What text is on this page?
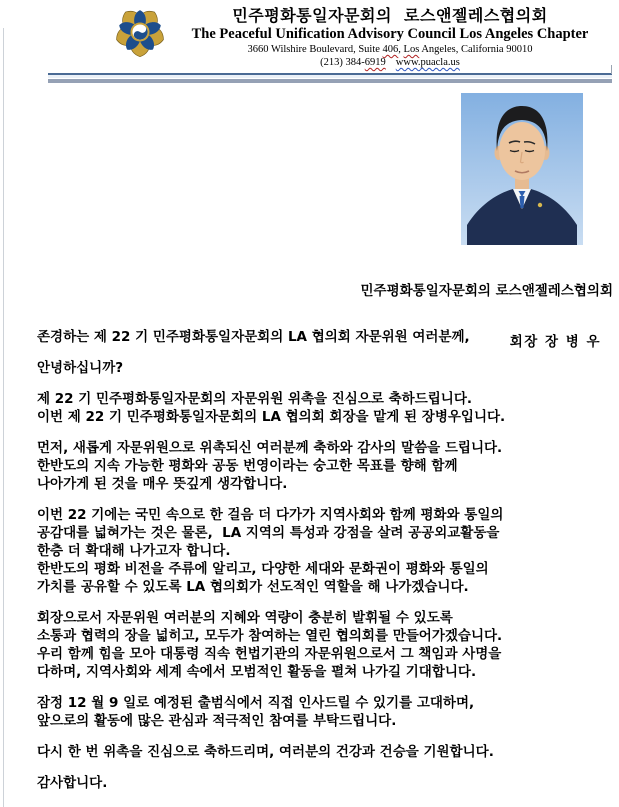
민주평화통일자문회의  로스앤젤레스협의회
The Peaceful Unification Advisory Council Los Angeles Chapter
3660 Wilshire Boulevard, Suite 406, Los Angeles, California 90010
(213) 384-6919 www.puacla.us

민주평화통일자문회의 로스앤젤레스협의회

회장 장 병 우

존경하는 제 22 기 민주평화통일자문회의 LA 협의회 자문위원 여러분께,

안녕하십니까?

제 22 기 민주평화통일자문회의 자문위원 위촉을 진심으로 축하드립니다.
이번 제 22 기 민주평화통일자문회의 LA 협의회 회장을 맡게 된 장병우입니다.

먼저, 새롭게 자문위원으로 위촉되신 여러분께 축하와 감사의 말씀을 드립니다.
한반도의 지속 가능한 평화와 공동 번영이라는 숭고한 목표를 향해 함께
나아가게 된 것을 매우 뜻깊게 생각합니다.

이번 22 기에는 국민 속으로 한 걸음 더 다가가 지역사회와 함께 평화와 통일의
공감대를 넓혀가는 것은 물론,  LA 지역의 특성과 강점을 살려 공공외교활동을
한층 더 확대해 나가고자 합니다.
한반도의 평화 비전을 주류에 알리고, 다양한 세대와 문화권이 평화와 통일의
가치를 공유할 수 있도록 LA 협의회가 선도적인 역할을 해 나가겠습니다.

회장으로서 자문위원 여러분의 지혜와 역량이 충분히 발휘될 수 있도록
소통과 협력의 장을 넓히고, 모두가 참여하는 열린 협의회를 만들어가겠습니다.
우리 함께 힘을 모아 대통령 직속 헌법기관의 자문위원으로서 그 책임과 사명을
다하며, 지역사회와 세계 속에서 모범적인 활동을 펼쳐 나가길 기대합니다.

잠정 12 월 9 일로 예정된 출범식에서 직접 인사드릴 수 있기를 고대하며,
앞으로의 활동에 많은 관심과 적극적인 참여를 부탁드립니다.

다시 한 번 위촉을 진심으로 축하드리며, 여러분의 건강과 건승을 기원합니다.

감사합니다.
